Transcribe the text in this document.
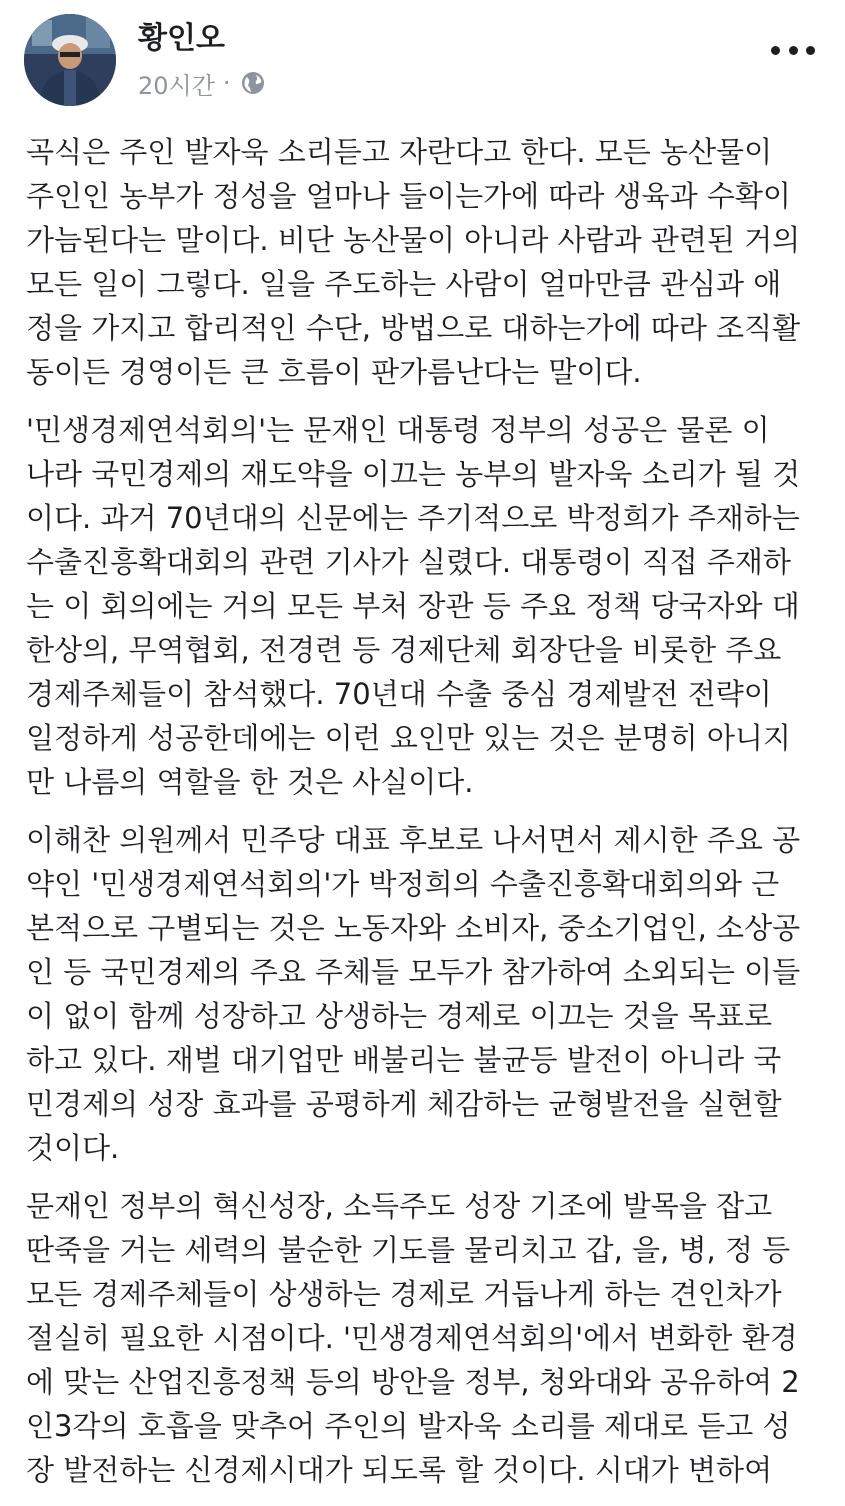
황인오
20시간 ·

곡식은 주인 발자욱 소리듣고 자란다고 한다. 모든 농산물이
주인인 농부가 정성을 얼마나 들이는가에 따라 생육과 수확이
가늠된다는 말이다. 비단 농산물이 아니라 사람과 관련된 거의
모든 일이 그렇다. 일을 주도하는 사람이 얼마만큼 관심과 애
정을 가지고 합리적인 수단, 방법으로 대하는가에 따라 조직활
동이든 경영이든 큰 흐름이 판가름난다는 말이다.

'민생경제연석회의'는 문재인 대통령 정부의 성공은 물론 이
나라 국민경제의 재도약을 이끄는 농부의 발자욱 소리가 될 것
이다. 과거 70년대의 신문에는 주기적으로 박정희가 주재하는
수출진흥확대회의 관련 기사가 실렸다. 대통령이 직접 주재하
는 이 회의에는 거의 모든 부처 장관 등 주요 정책 당국자와 대
한상의, 무역협회, 전경련 등 경제단체 회장단을 비롯한 주요
경제주체들이 참석했다. 70년대 수출 중심 경제발전 전략이
일정하게 성공한데에는 이런 요인만 있는 것은 분명히 아니지
만 나름의 역할을 한 것은 사실이다.

이해찬 의원께서 민주당 대표 후보로 나서면서 제시한 주요 공
약인 '민생경제연석회의'가 박정희의 수출진흥확대회의와 근
본적으로 구별되는 것은 노동자와 소비자, 중소기업인, 소상공
인 등 국민경제의 주요 주체들 모두가 참가하여 소외되는 이들
이 없이 함께 성장하고 상생하는 경제로 이끄는 것을 목표로
하고 있다. 재벌 대기업만 배불리는 불균등 발전이 아니라 국
민경제의 성장 효과를 공평하게 체감하는 균형발전을 실현할
것이다.

문재인 정부의 혁신성장, 소득주도 성장 기조에 발목을 잡고
딴죽을 거는 세력의 불순한 기도를 물리치고 갑, 을, 병, 정 등
모든 경제주체들이 상생하는 경제로 거듭나게 하는 견인차가
절실히 필요한 시점이다. '민생경제연석회의'에서 변화한 환경
에 맞는 산업진흥정책 등의 방안을 정부, 청와대와 공유하여 2
인3각의 호흡을 맞추어 주인의 발자욱 소리를 제대로 듣고 성
장 발전하는 신경제시대가 되도록 할 것이다. 시대가 변하여
